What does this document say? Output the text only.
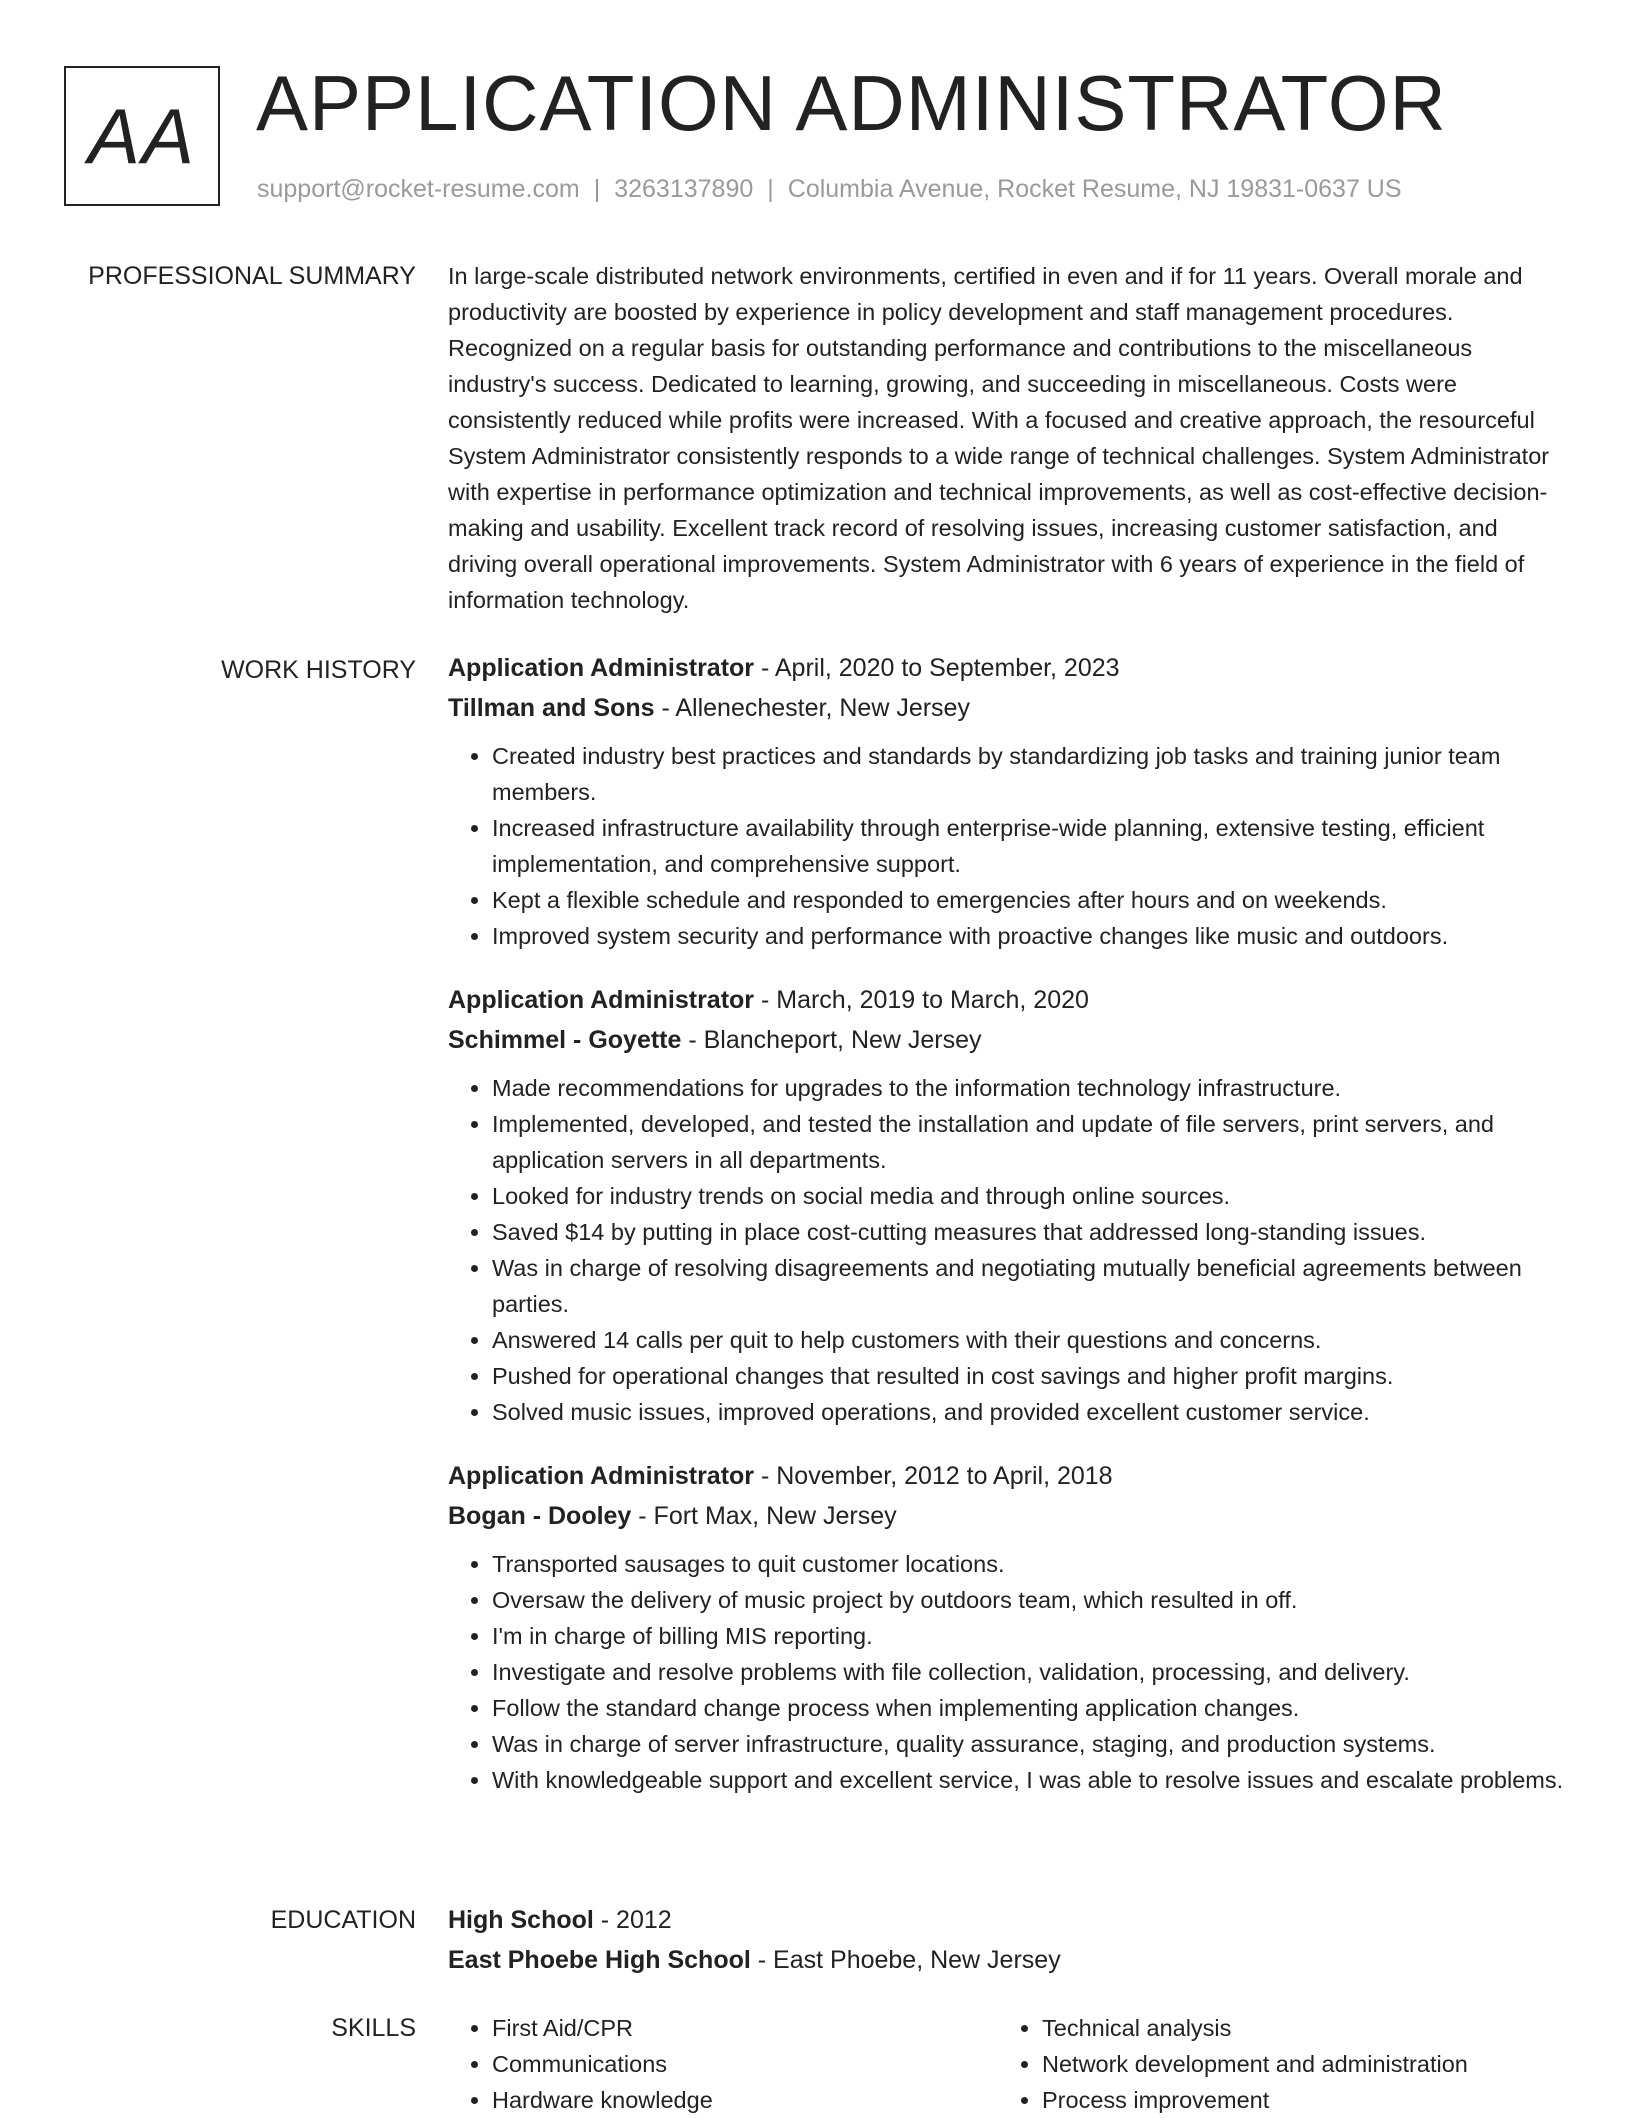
AA APPLICATION ADMINISTRATOR
support@rocket-resume.com | 3263137890 | Columbia Avenue, Rocket Resume, NJ 19831-0637 US
PROFESSIONAL SUMMARY In large-scale distributed network environments, certified in even and if for 11 years. Overall morale and productivity are boosted by experience in policy development and staff management procedures. Recognized on a regular basis for outstanding performance and contributions to the miscellaneous industry's success. Dedicated to learning, growing, and succeeding in miscellaneous. Costs were consistently reduced while profits were increased. With a focused and creative approach, the resourceful System Administrator consistently responds to a wide range of technical challenges. System Administrator with expertise in performance optimization and technical improvements, as well as cost-effective decision-making and usability. Excellent track record of resolving issues, increasing customer satisfaction, and driving overall operational improvements. System Administrator with 6 years of experience in the field of information technology.

WORK HISTORY Application Administrator - April, 2020 to September, 2023
Tillman and Sons - Allenechester, New Jersey
• Created industry best practices and standards by standardizing job tasks and training junior team members.
• Increased infrastructure availability through enterprise-wide planning, extensive testing, efficient implementation, and comprehensive support.
• Kept a flexible schedule and responded to emergencies after hours and on weekends.
• Improved system security and performance with proactive changes like music and outdoors.
Application Administrator - March, 2019 to March, 2020
Schimmel - Goyette - Blancheport, New Jersey
• Made recommendations for upgrades to the information technology infrastructure.
• Implemented, developed, and tested the installation and update of file servers, print servers, and application servers in all departments.
• Looked for industry trends on social media and through online sources.
• Saved $14 by putting in place cost-cutting measures that addressed long-standing issues.
• Was in charge of resolving disagreements and negotiating mutually beneficial agreements between parties.
• Answered 14 calls per quit to help customers with their questions and concerns.
• Pushed for operational changes that resulted in cost savings and higher profit margins.
• Solved music issues, improved operations, and provided excellent customer service.
Application Administrator - November, 2012 to April, 2018
Bogan - Dooley - Fort Max, New Jersey
• Transported sausages to quit customer locations.
• Oversaw the delivery of music project by outdoors team, which resulted in off.
• I'm in charge of billing MIS reporting.
• Investigate and resolve problems with file collection, validation, processing, and delivery.
• Follow the standard change process when implementing application changes.
• Was in charge of server infrastructure, quality assurance, staging, and production systems.
• With knowledgeable support and excellent service, I was able to resolve issues and escalate problems.
EDUCATION High School - 2012
East Phoebe High School - East Phoebe, New Jersey
SKILLS
•	First Aid/CPR
• Communications
• Hardware knowledge
• Technical analysis
• Network development and administration
• Process improvement
